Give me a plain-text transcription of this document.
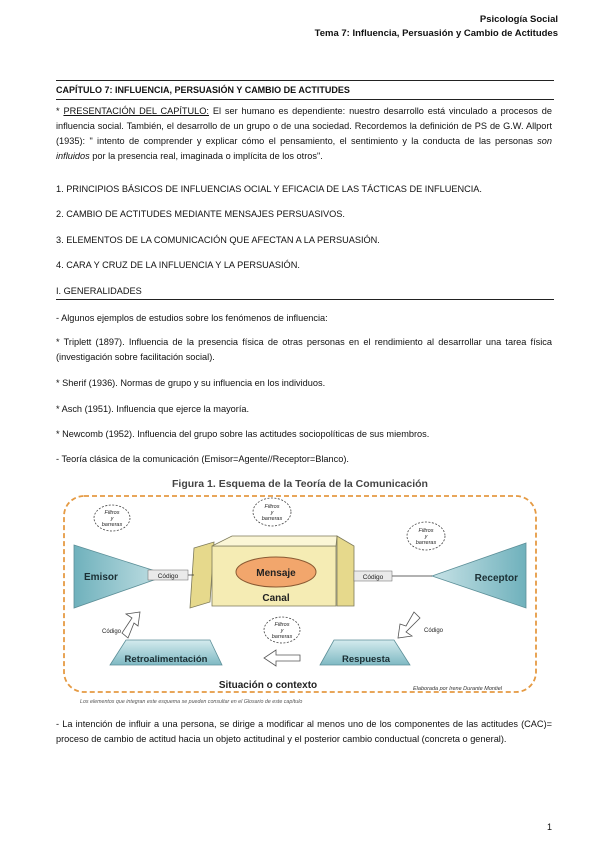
Psicología Social
Tema 7: Influencia, Persuasión y Cambio de Actitudes
CAPÍTULO 7: INFLUENCIA, PERSUASIÓN Y CAMBIO DE ACTITUDES
* PRESENTACIÓN DEL CAPÍTULO: El ser humano es dependiente: nuestro desarrollo está vinculado a procesos de influencia social. También, el desarrollo de un grupo o de una sociedad. Recordemos la definición de PS de G.W. Allport (1935): " intento de comprender y explicar cómo el pensamiento, el sentimiento y la conducta de las personas son influidos por la presencia real, imaginada o implícita de los otros".
1. PRINCIPIOS BÁSICOS DE INFLUENCIAS OCIAL Y EFICACIA DE LAS TÁCTICAS DE INFLUENCIA.
2. CAMBIO DE ACTITUDES MEDIANTE MENSAJES PERSUASIVOS.
3. ELEMENTOS DE LA COMUNICACIÓN QUE AFECTAN A LA PERSUASIÓN.
4. CARA Y CRUZ DE LA INFLUENCIA Y LA PERSUASIÓN.
I. GENERALIDADES
- Algunos ejemplos de estudios sobre los fenómenos de influencia:
* Triplett (1897). Influencia de la presencia física de otras personas en el rendimiento al desarrollar una tarea física (investigación sobre facilitación social).
* Sherif (1936). Normas de grupo y su influencia en los individuos.
* Asch (1951). Influencia que ejerce la mayoría.
* Newcomb (1952). Influencia del grupo sobre las actitudes sociopolíticas de sus miembros.
- Teoría clásica de la comunicación (Emisor=Agente//Receptor=Blanco).
Figura 1. Esquema de la Teoría de la Comunicación
Mensaje
Canal
Emisor	Receptor
Código	Código
Retroalimentación	Respuesta
Código
Código
Filtros
y
barreras
Filtros
y
barreras
Filtros
y
barreras
Filtros
y
barreras
Situación o contexto	Elaborada por Irene Durante Montiel
Los elementos que integran este esquema se pueden consultar en el Glosario de este capítulo
- La intención de influir a una persona, se dirige a modificar al menos uno de los componentes de las actitudes (CAC)= proceso de cambio de actitud hacia un objeto actitudinal y el posterior cambio conductual (concreta o general).
1
